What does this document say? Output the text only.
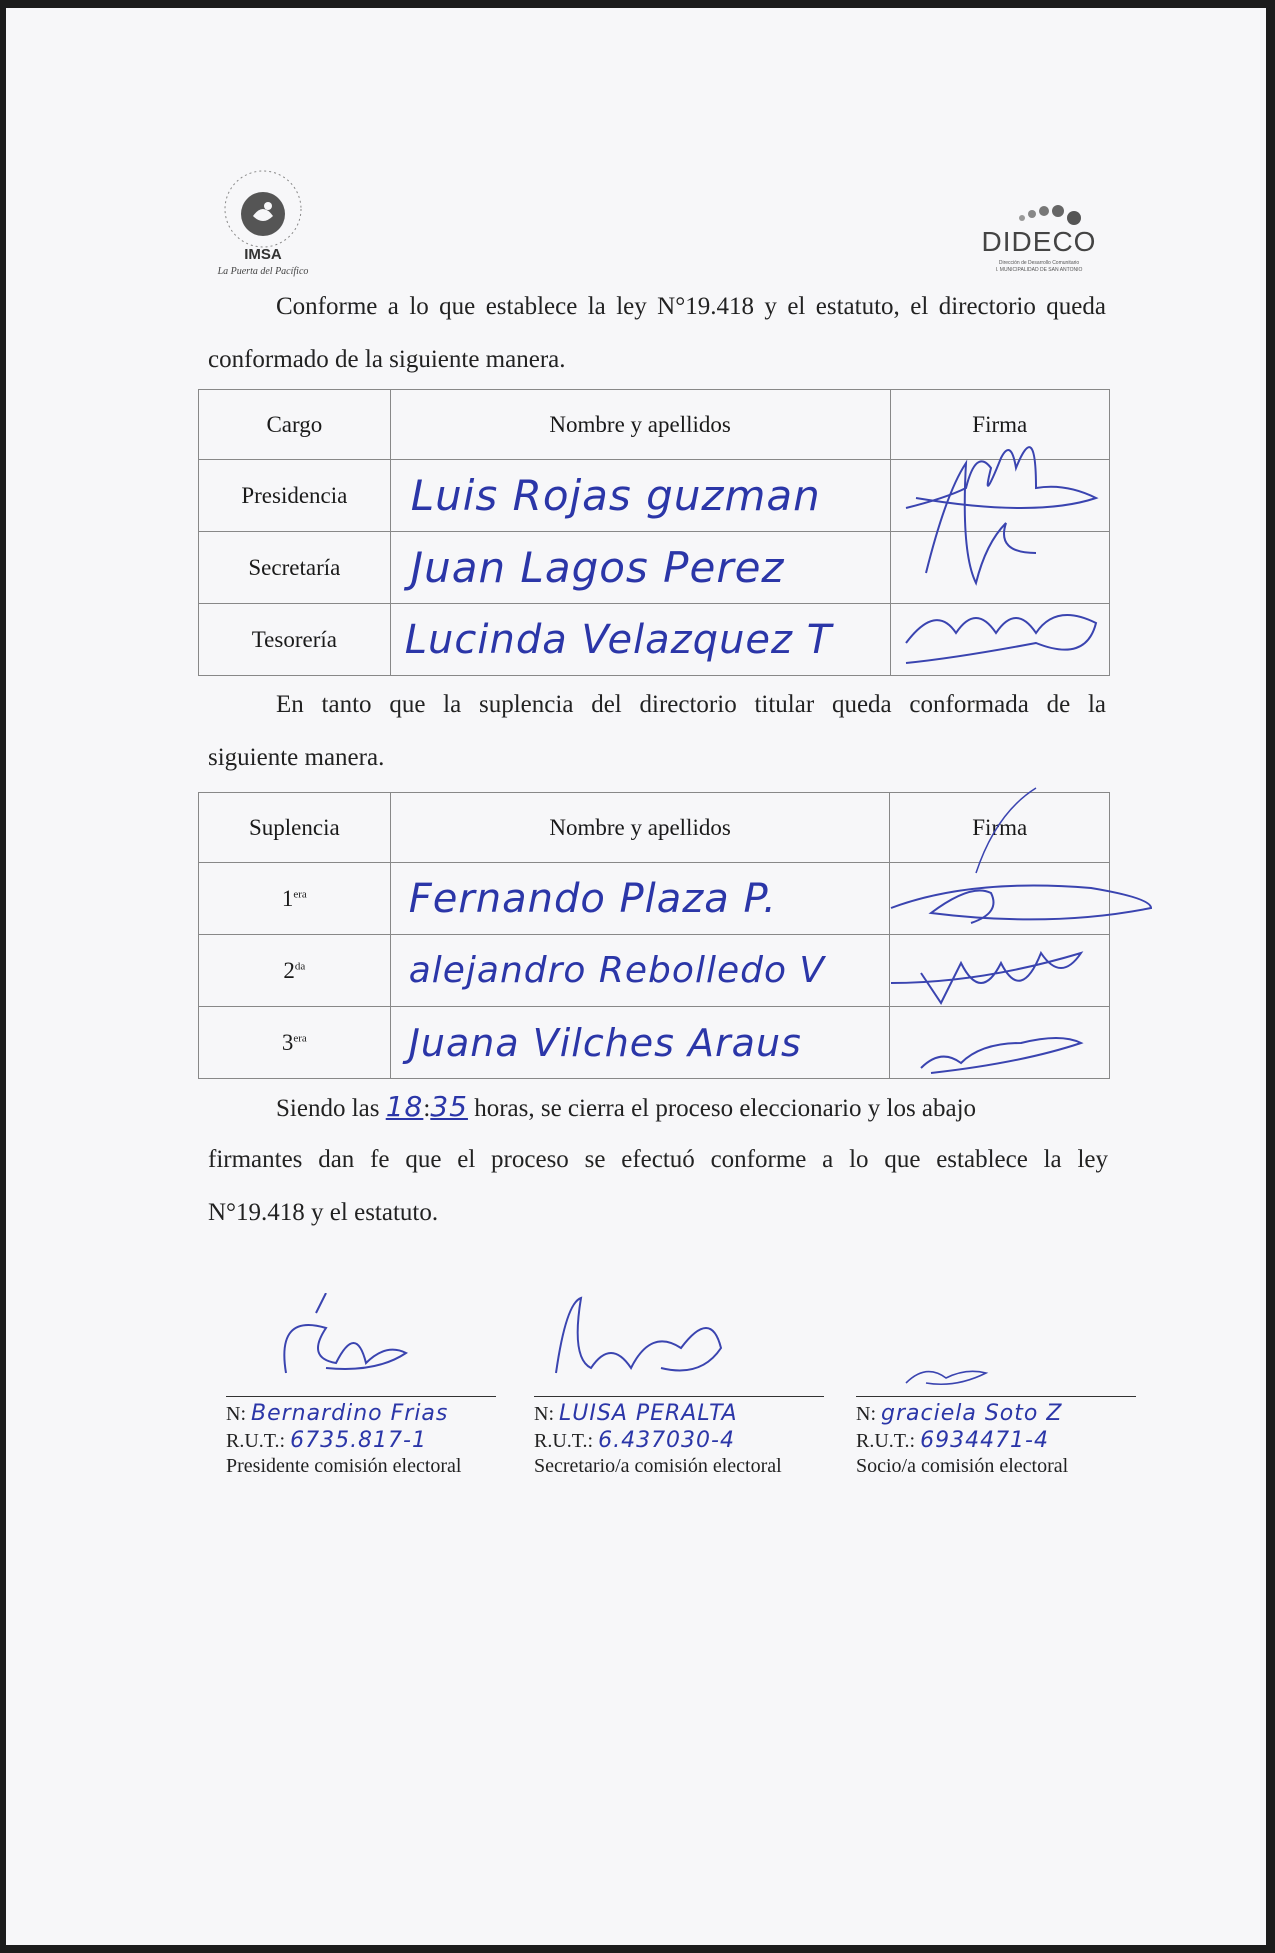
IMSA
La Puerta del Pacífico
DIDECO
Dirección de Desarrollo Comunitario
I. MUNICIPALIDAD DE SAN ANTONIO
Conforme a lo que establece la ley N°19.418 y el estatuto, el directorio queda
conformado de la siguiente manera.
Cargo	Nombre y apellidos	Firma
Presidencia	Luis Rojas guzman	
Secretaría	Juan Lagos Perez	
Tesorería	Lucinda Velazquez T	
En tanto que la suplencia del directorio titular queda conformada de la
siguiente manera.
Suplencia	Nombre y apellidos	Firma
$1^{era}$	Fernando Plaza P.	
$2^{da}$	alejandro Rebolledo V	
$3^{era}$	Juana Vilches Araus	
Siendo las 18:35 horas, se cierra el proceso eleccionario y los abajo
firmantes dan fe que el proceso se efectuó conforme a lo que establece la ley
N°19.418 y el estatuto.
N: Bernardino Frias
R.U.T.: 6735.817-1
Presidente comisión electoral
N: LUISA PERALTA
R.U.T.: 6.437030-4
Secretario/a comisión electoral
N: graciela Soto Z
R.U.T.: 6934471-4
Socio/a comisión electoral
